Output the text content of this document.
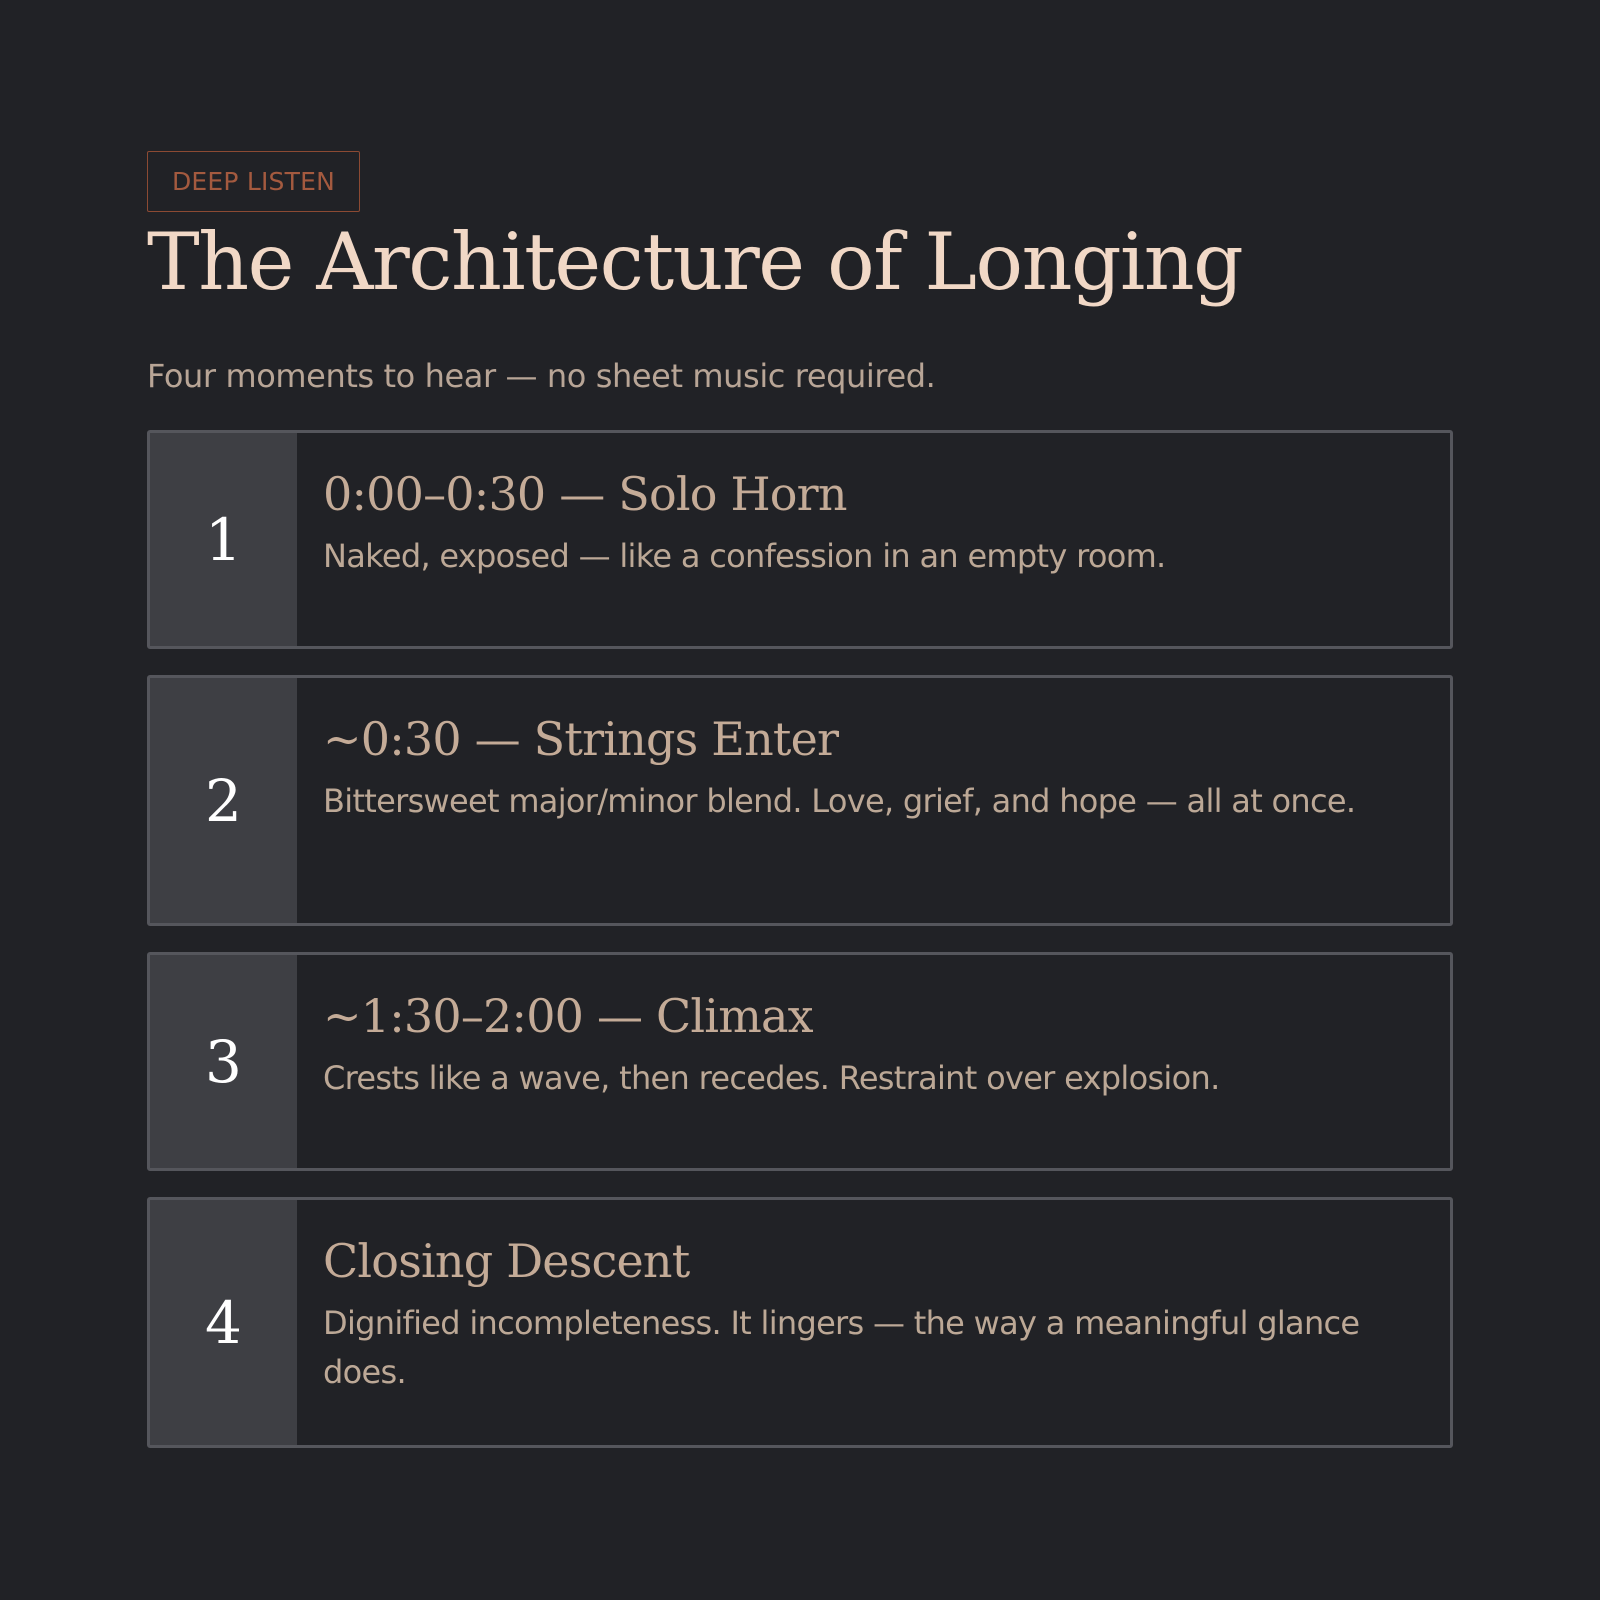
DEEP LISTEN
The Architecture of Longing

Four moments to hear — no sheet music required.

1
0:00–0:30 — Solo Horn

Naked, exposed — like a confession in an empty room.

2
~0:30 — Strings Enter

Bittersweet major/minor blend. Love, grief, and hope — all at once.

3
~1:30–2:00 — Climax

Crests like a wave, then recedes. Restraint over explosion.

4
Closing Descent

Dignified incompleteness. It lingers — the way a meaningful glance does.
